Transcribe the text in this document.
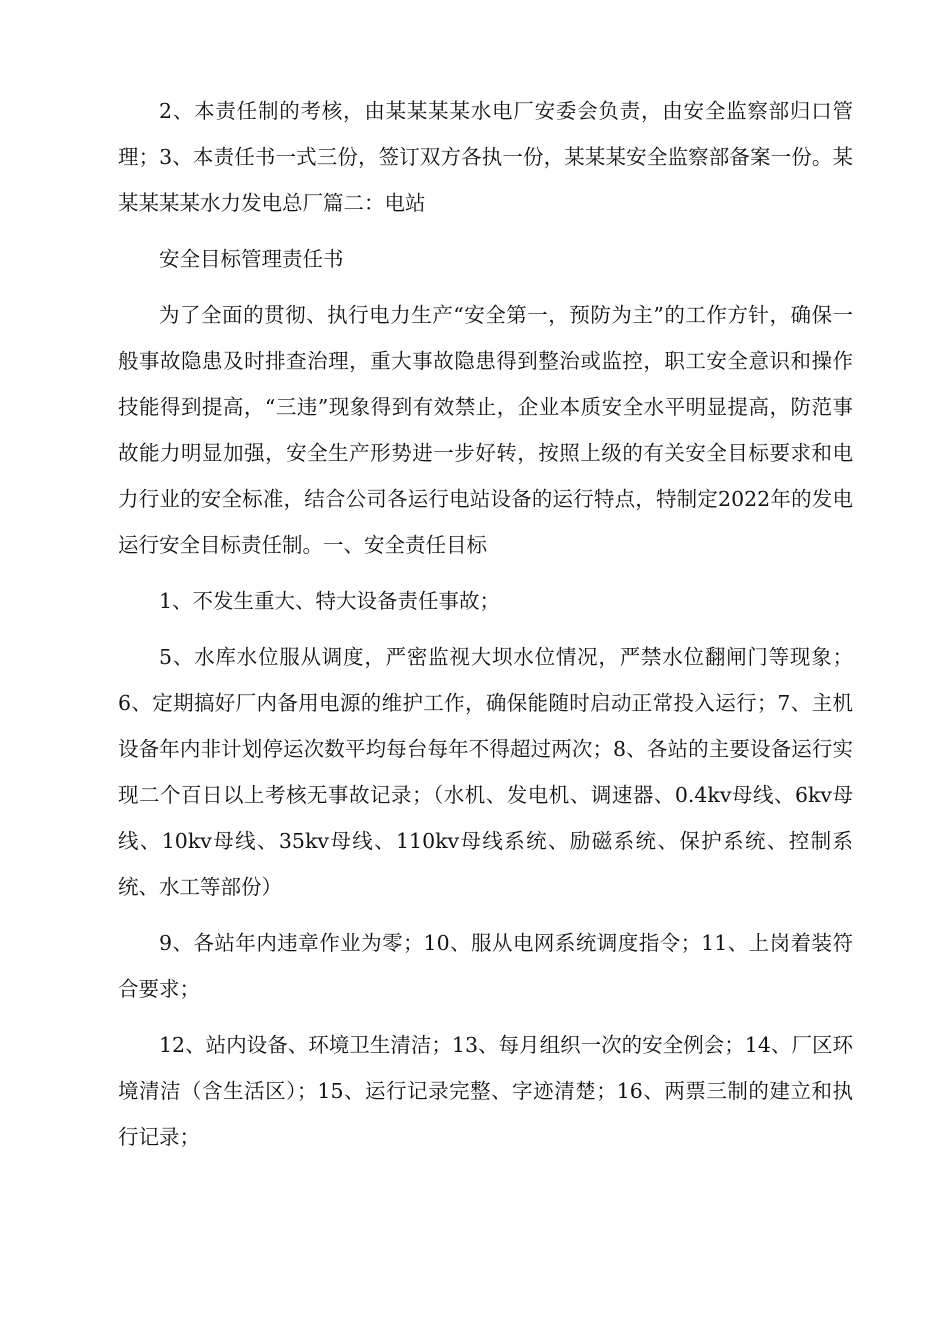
2、本责任制的考核，由某某某某水电厂安委会负责，由安全监察部归口管理；3、本责任书一式三份，签订双方各执一份，某某某安全监察部备案一份。某某某某某水力发电总厂篇二：电站

安全目标管理责任书

为了全面的贯彻、执行电力生产“安全第一，预防为主”的工作方针，确保一般事故隐患及时排查治理，重大事故隐患得到整治或监控，职工安全意识和操作技能得到提高，“三违”现象得到有效禁止，企业本质安全水平明显提高，防范事故能力明显加强，安全生产形势进一步好转，按照上级的有关安全目标要求和电力行业的安全标准，结合公司各运行电站设备的运行特点，特制定2022年的发电运行安全目标责任制。一、安全责任目标

1、不发生重大、特大设备责任事故；

5、水库水位服从调度，严密监视大坝水位情况，严禁水位翻闸门等现象；6、定期搞好厂内备用电源的维护工作，确保能随时启动正常投入运行；7、主机设备年内非计划停运次数平均每台每年不得超过两次；8、各站的主要设备运行实现二个百日以上考核无事故记录；（水机、发电机、调速器、0.4kv母线、6kv母线、10kv母线、35kv母线、110kv母线系统、励磁系统、保护系统、控制系统、水工等部份）

9、各站年内违章作业为零；10、服从电网系统调度指令；11、上岗着装符合要求；

12、站内设备、环境卫生清洁；13、每月组织一次的安全例会；14、厂区环境清洁（含生活区）；15、运行记录完整、字迹清楚；16、两票三制的建立和执行记录；
